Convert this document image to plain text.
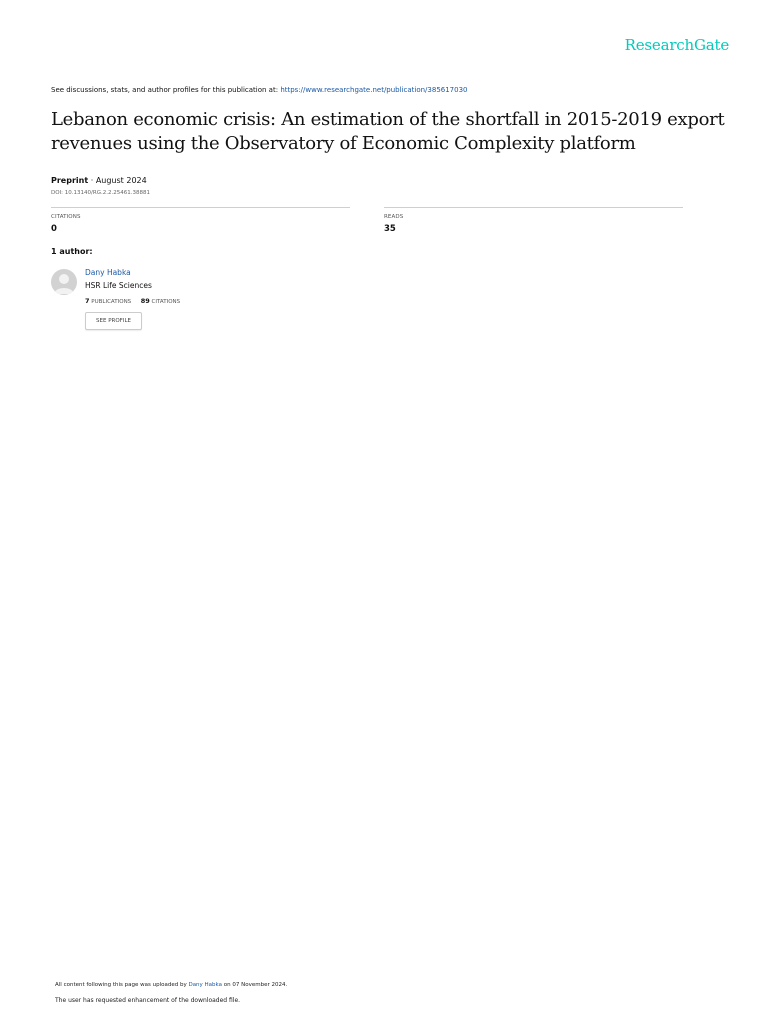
ResearchGate
See discussions, stats, and author profiles for this publication at: https://www.researchgate.net/publication/385617030
Lebanon economic crisis: An estimation of the shortfall in 2015-2019 export revenues using the Observatory of Economic Complexity platform
Preprint · August 2024
DOI: 10.13140/RG.2.2.25461.38881
CITATIONS
0
READS
35
1 author:
Dany Habka
HSR Life Sciences
7 PUBLICATIONS 89 CITATIONS
SEE PROFILE
All content following this page was uploaded by Dany Habka on 07 November 2024.
The user has requested enhancement of the downloaded file.
